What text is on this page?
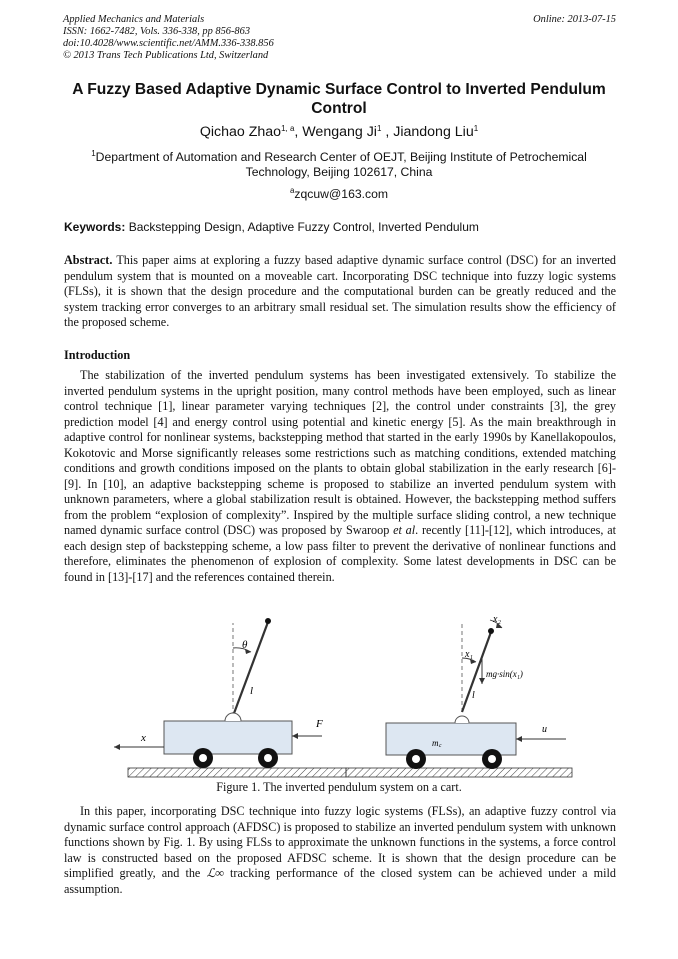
Applied Mechanics and Materials
ISSN: 1662-7482, Vols. 336-338, pp 856-863
doi:10.4028/www.scientific.net/AMM.336-338.856
© 2013 Trans Tech Publications Ltd, Switzerland
Online: 2013-07-15
A Fuzzy Based Adaptive Dynamic Surface Control to Inverted Pendulum Control
Qichao Zhao$^{1, a}$, Wengang Ji$^1$ , Jiandong Liu$^1$
$^1$Department of Automation and Research Center of OEJT, Beijing Institute of Petrochemical Technology, Beijing 102617, China
$^a$zqcuw@163.com
Keywords: Backstepping Design, Adaptive Fuzzy Control, Inverted Pendulum
Abstract. This paper aims at exploring a fuzzy based adaptive dynamic surface control (DSC) for an inverted pendulum system that is mounted on a moveable cart. Incorporating DSC technique into fuzzy logic systems (FLSs), it is shown that the design procedure and the computational burden can be greatly reduced and the system tracking error converges to an arbitrary small residual set. The simulation results show the efficiency of the proposed scheme.
Introduction

The stabilization of the inverted pendulum systems has been investigated extensively. To stabilize the inverted pendulum systems in the upright position, many control methods have been employed, such as linear control technique [1], linear parameter varying techniques [2], the control under constraints [3], the grey prediction model [4] and energy control using potential and kinetic energy [5]. As the main breakthrough in adaptive control for nonlinear systems, backstepping method that started in the early 1990s by Kanellakopoulos, Kokotovic and Morse significantly releases some restrictions such as matching conditions, extended matching conditions and growth conditions imposed on the plants to obtain global stabilization in the early research [6]-[9]. In [10], an adaptive backstepping scheme is proposed to stabilize an inverted pendulum system with unknown parameters, where a global stabilization result is obtained. However, the backstepping method suffers from the problem “explosion of complexity”. Inspired by the multiple surface sliding control, a new technique named dynamic surface control (DSC) was proposed by Swaroop et al. recently [11]-[12], which introduces, at each design step of backstepping scheme, a low pass filter to prevent the derivative of nonlinear functions and therefore, eliminates the phenomenon of explosion of complexity. Some latest developments in DSC can be found in [13]-[17] and the references contained therein.

θ
l
F
x
x₁
x₂
mg·sin(x₁)
l
m꜀
u
Figure 1. The inverted pendulum system on a cart.

In this paper, incorporating DSC technique into fuzzy logic systems (FLSs), an adaptive fuzzy control via dynamic surface control approach (AFDSC) is proposed to stabilize an inverted pendulum system with unknown functions shown by Fig. 1. By using FLSs to approximate the unknown functions in the systems, a force control law is constructed based on the proposed AFDSC scheme. It is shown that the design procedure can be simplified greatly, and the ℒ∞ tracking performance of the closed system can be achieved under a mild assumption.
